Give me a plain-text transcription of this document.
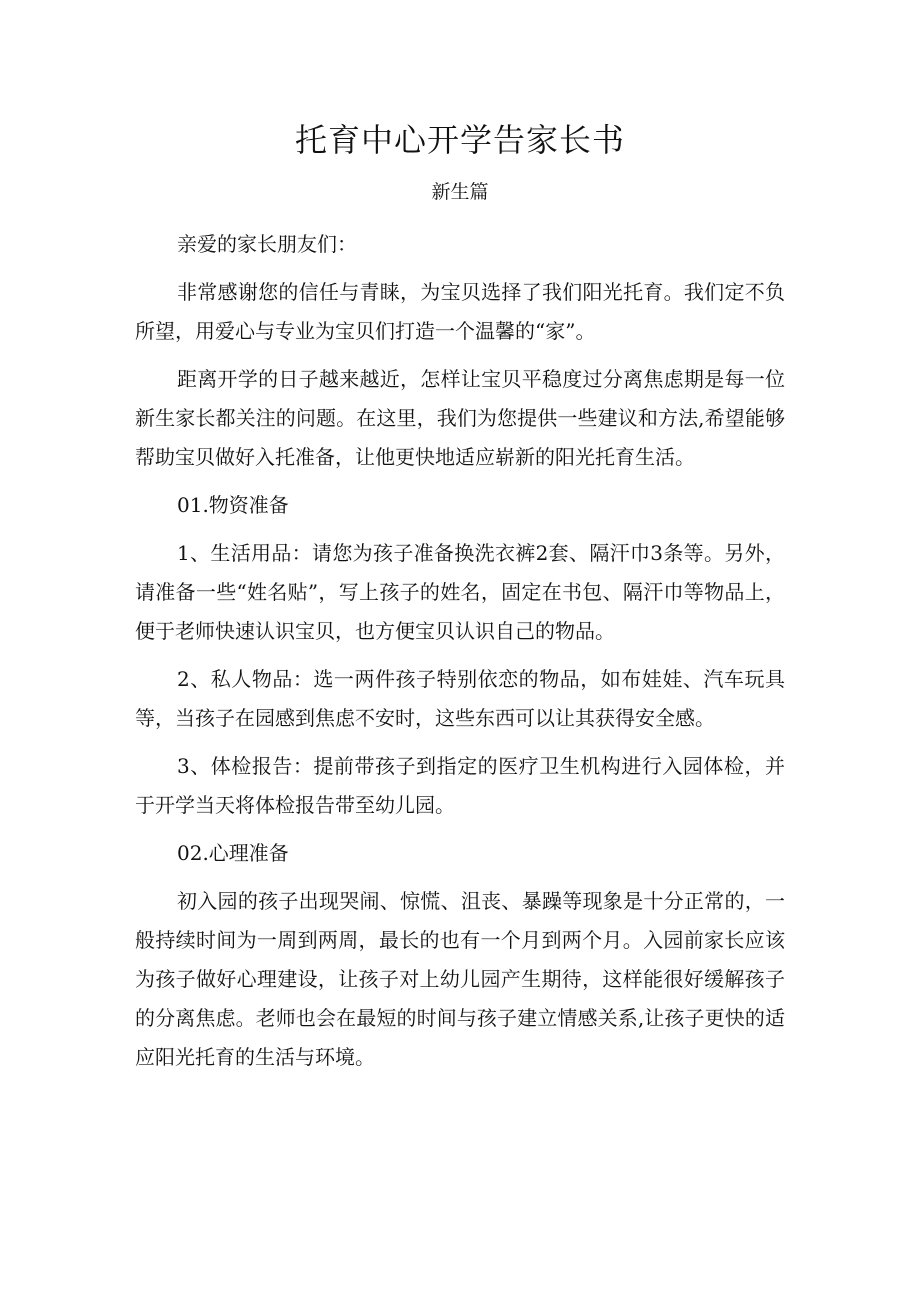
托育中心开学告家长书
新生篇

亲爱的家长朋友们：

非常感谢您的信任与青睐，为宝贝选择了我们阳光托育。我们定不负所望，用爱心与专业为宝贝们打造一个温馨的“家”。

距离开学的日子越来越近，怎样让宝贝平稳度过分离焦虑期是每一位新生家长都关注的问题。在这里，我们为您提供一些建议和方法,希望能够帮助宝贝做好入托准备，让他更快地适应崭新的阳光托育生活。

01.物资准备

1、生活用品：请您为孩子准备换洗衣裤2套、隔汗巾3条等。另外，请准备一些“姓名贴”，写上孩子的姓名，固定在书包、隔汗巾等物品上，便于老师快速认识宝贝，也方便宝贝认识自己的物品。

2、私人物品：选一两件孩子特别依恋的物品，如布娃娃、汽车玩具等，当孩子在园感到焦虑不安时，这些东西可以让其获得安全感。

3、体检报告：提前带孩子到指定的医疗卫生机构进行入园体检，并于开学当天将体检报告带至幼儿园。

02.心理准备

初入园的孩子出现哭闹、惊慌、沮丧、暴躁等现象是十分正常的，一般持续时间为一周到两周，最长的也有一个月到两个月。入园前家长应该为孩子做好心理建设，让孩子对上幼儿园产生期待，这样能很好缓解孩子的分离焦虑。老师也会在最短的时间与孩子建立情感关系,让孩子更快的适应阳光托育的生活与环境。
